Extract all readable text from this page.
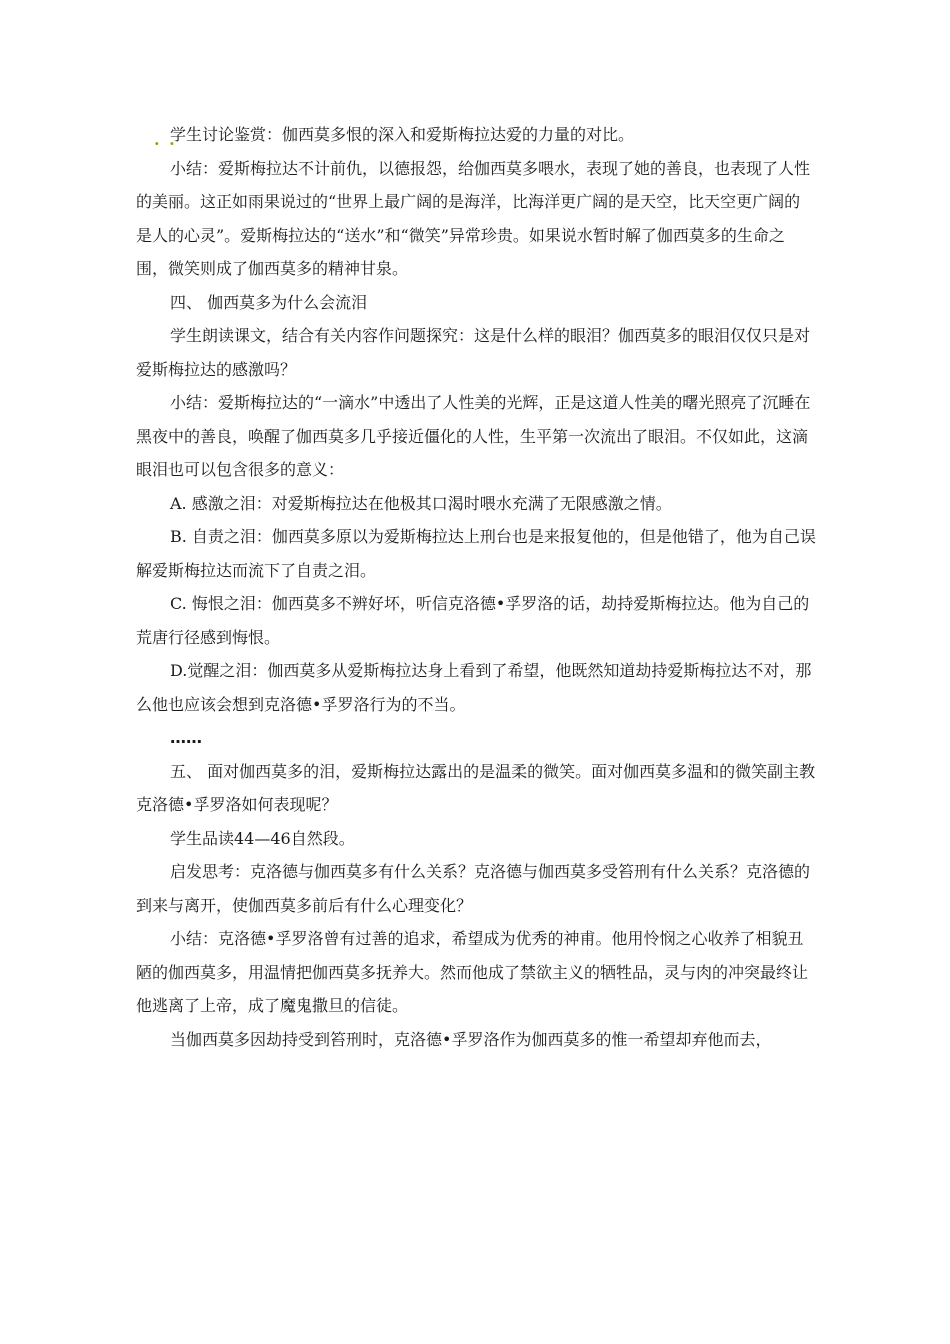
. .
学生讨论鉴赏：伽西莫多恨的深入和爱斯梅拉达爱的力量的对比。

小结：爱斯梅拉达不计前仇，以德报怨，给伽西莫多喂水，表现了她的善良，也表现了人性的美丽。这正如雨果说过的“世界上最广阔的是海洋，比海洋更广阔的是天空，比天空更广阔的是人的心灵”。爱斯梅拉达的“送水”和“微笑”异常珍贵。如果说水暂时解了伽西莫多的生命之围，微笑则成了伽西莫多的精神甘泉。

四、 伽西莫多为什么会流泪

学生朗读课文，结合有关内容作问题探究：这是什么样的眼泪？伽西莫多的眼泪仅仅只是对爱斯梅拉达的感激吗？

小结：爱斯梅拉达的“一滴水”中透出了人性美的光辉，正是这道人性美的曙光照亮了沉睡在黑夜中的善良，唤醒了伽西莫多几乎接近僵化的人性，生平第一次流出了眼泪。不仅如此，这滴眼泪也可以包含很多的意义：

A. 感激之泪：对爱斯梅拉达在他极其口渴时喂水充满了无限感激之情。

B. 自责之泪：伽西莫多原以为爱斯梅拉达上刑台也是来报复他的，但是他错了，他为自己误解爱斯梅拉达而流下了自责之泪。

C. 悔恨之泪：伽西莫多不辨好坏，听信克洛德•孚罗洛的话，劫持爱斯梅拉达。他为自己的荒唐行径感到悔恨。

D.觉醒之泪：伽西莫多从爱斯梅拉达身上看到了希望，他既然知道劫持爱斯梅拉达不对，那么他也应该会想到克洛德•孚罗洛行为的不当。

……

五、 面对伽西莫多的泪，爱斯梅拉达露出的是温柔的微笑。面对伽西莫多温和的微笑副主教克洛德•孚罗洛如何表现呢？

学生品读44—46自然段。

启发思考：克洛德与伽西莫多有什么关系？克洛德与伽西莫多受笞刑有什么关系？克洛德的到来与离开，使伽西莫多前后有什么心理变化？

小结：克洛德•孚罗洛曾有过善的追求，希望成为优秀的神甫。他用怜悯之心收养了相貌丑陋的伽西莫多，用温情把伽西莫多抚养大。然而他成了禁欲主义的牺牲品，灵与肉的冲突最终让他逃离了上帝，成了魔鬼撒旦的信徒。

当伽西莫多因劫持受到笞刑时，克洛德•孚罗洛作为伽西莫多的惟一希望却弃他而去，
